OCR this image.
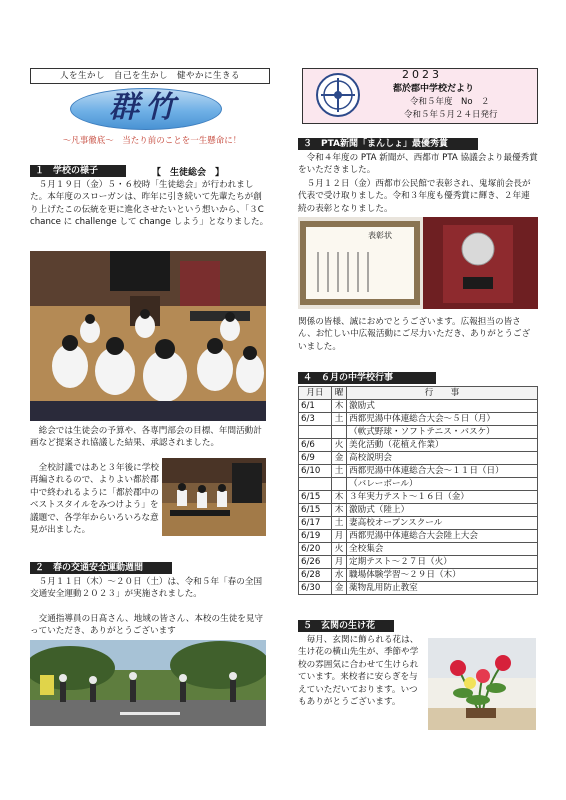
人を生かし　自己を生かし　健やかに生きる
群竹
～凡事徹底～　当たり前のことを一生懸命に！
１　学校の様子	【　生徒総会　】
　５月１９日（金）５・６校時「生徒総会」が行われました。本年度のスローガンは、昨年に引き続いて先輩たちが創り上げたこの伝統を更に進化させたいという想いから、「３C　chance に challenge して change しよう」となりました。
　総会では生徒会の予算や、各専門部会の目標、年間活動計画など提案され協議した結果、承認されました。
　全校討議ではあと３年後に学校再編されるので、よりよい都於郡中で終われるように「都於郡中のベストスタイルをみつけよう」を議題で、各学年からいろいろな意見が出ました。
２　春の交通安全運動週間
　５月１１日（木）～２０日（土）は、令和５年「春の全国交通安全運動２０２３」が実施されました。
　交通指導員の日髙さん、地域の皆さん、本校の生徒を見守っていただき、ありがとうございます
2023
都於郡中学校だより
令和５年度　No　２
令和５年５月２４日発行
３　PTA新聞「まんしょ」最優秀賞
　令和４年度の PTA 新聞が、西都市 PTA 協議会より最優秀賞をいただきました。
　５月１２日（金）西都市公民館で表彰され、鬼塚前会長が代表で受け取りました。令和３年度も優秀賞に輝き、２年連続の表彰となりました。
表彰状
関係の皆様、誠におめでとうございます。広報担当の皆さん、お忙しい中広報活動にご尽力いただき、ありがとうございました。
４　６月の中学校行事
月日	曜	行　　事
6/1	木	激励式
6/3	土	西都児湯中体連総合大会～５日（月）
		（軟式野球・ソフトテニス・バスケ）
6/6	火	美化活動（花植え作業）
6/9	金	高校説明会
6/10	土	西都児湯中体連総合大会～１１日（日）
		（バレーボール）
6/15	木	３年実力テスト～１６日（金）
6/15	木	激励式（陸上）
6/17	土	妻高校オープンスクール
6/19	月	西都児湯中体連総合大会陸上大会
6/20	火	全校集会
6/26	月	定期テスト～２７日（火）
6/28	水	職場体験学習～２９日（木）
6/30	金	薬物乱用防止教室
５　玄関の生け花
　毎月、玄関に飾られる花は、生け花の横山先生が、季節や学校の雰囲気に合わせて生けられています。来校者に安らぎを与えていただいております。いつもありがとうございます。
